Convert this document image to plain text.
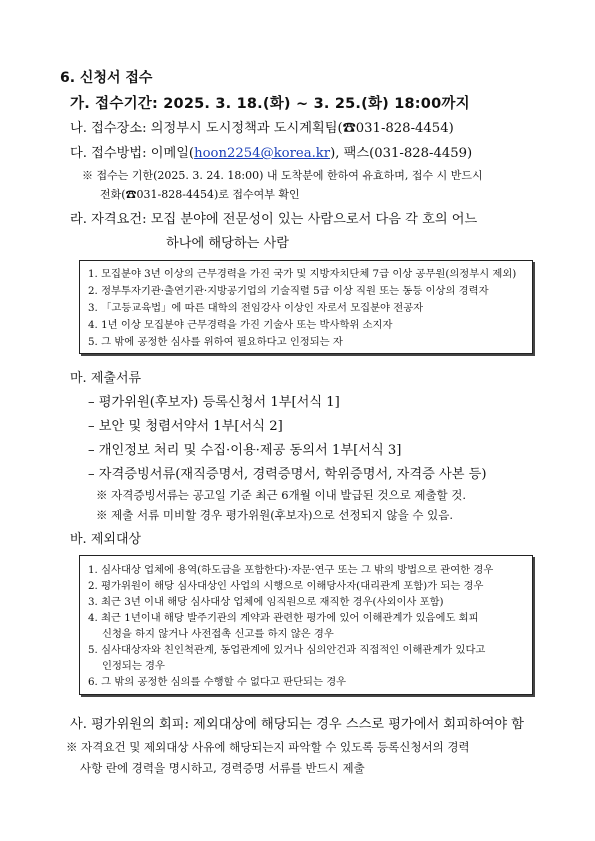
6. 신청서 접수
가. 접수기간: 2025. 3. 18.(화) ~ 3. 25.(화) 18:00까지
나. 접수장소: 의정부시 도시정책과 도시계획팀(☎031-828-4454)
다. 접수방법: 이메일(hoon2254@korea.kr), 팩스(031-828-4459)
※ 접수는 기한(2025. 3. 24. 18:00) 내 도착분에 한하여 유효하며, 접수 시 반드시
전화(☎031-828-4454)로 접수여부 확인
라. 자격요건: 모집 분야에 전문성이 있는 사람으로서 다음 각 호의 어느
하나에 해당하는 사람
1. 모집분야 3년 이상의 근무경력을 가진 국가 및 지방자치단체 7급 이상 공무원(의정부시 제외)
2. 정부투자기관·출연기관·지방공기업의 기술직렬 5급 이상 직원 또는 동등 이상의 경력자
3. 「고등교육법」에 따른 대학의 전임강사 이상인 자로서 모집분야 전공자
4. 1년 이상 모집분야 근무경력을 가진 기술사 또는 박사학위 소지자
5. 그 밖에 공정한 심사를 위하여 필요하다고 인정되는 자
마. 제출서류
– 평가위원(후보자) 등록신청서 1부[서식 1]
– 보안 및 청렴서약서 1부[서식 2]
– 개인정보 처리 및 수집·이용·제공 동의서 1부[서식 3]
– 자격증빙서류(재직증명서, 경력증명서, 학위증명서, 자격증 사본 등)
※ 자격증빙서류는 공고일 기준 최근 6개월 이내 발급된 것으로 제출할 것.
※ 제출 서류 미비할 경우 평가위원(후보자)으로 선정되지 않을 수 있음.
바. 제외대상
1. 심사대상 업체에 용역(하도급을 포함한다)·자문·연구 또는 그 밖의 방법으로 관여한 경우
2. 평가위원이 해당 심사대상인 사업의 시행으로 이해당사자(대리관계 포함)가 되는 경우
3. 최근 3년 이내 해당 심사대상 업체에 임직원으로 재직한 경우(사외이사 포함)
4. 최근 1년이내 해당 발주기관의 계약과 관련한 평가에 있어 이해관계가 있음에도 회피
신청을 하지 않거나 사전접촉 신고를 하지 않은 경우
5. 심사대상자와 친인척관계, 동업관계에 있거나 심의안건과 직접적인 이해관계가 있다고
인정되는 경우
6. 그 밖의 공정한 심의를 수행할 수 없다고 판단되는 경우
사. 평가위원의 회피: 제외대상에 해당되는 경우 스스로 평가에서 회피하여야 함
※ 자격요건 및 제외대상 사유에 해당되는지 파악할 수 있도록 등록신청서의 경력
사항 란에 경력을 명시하고, 경력증명 서류를 반드시 제출
